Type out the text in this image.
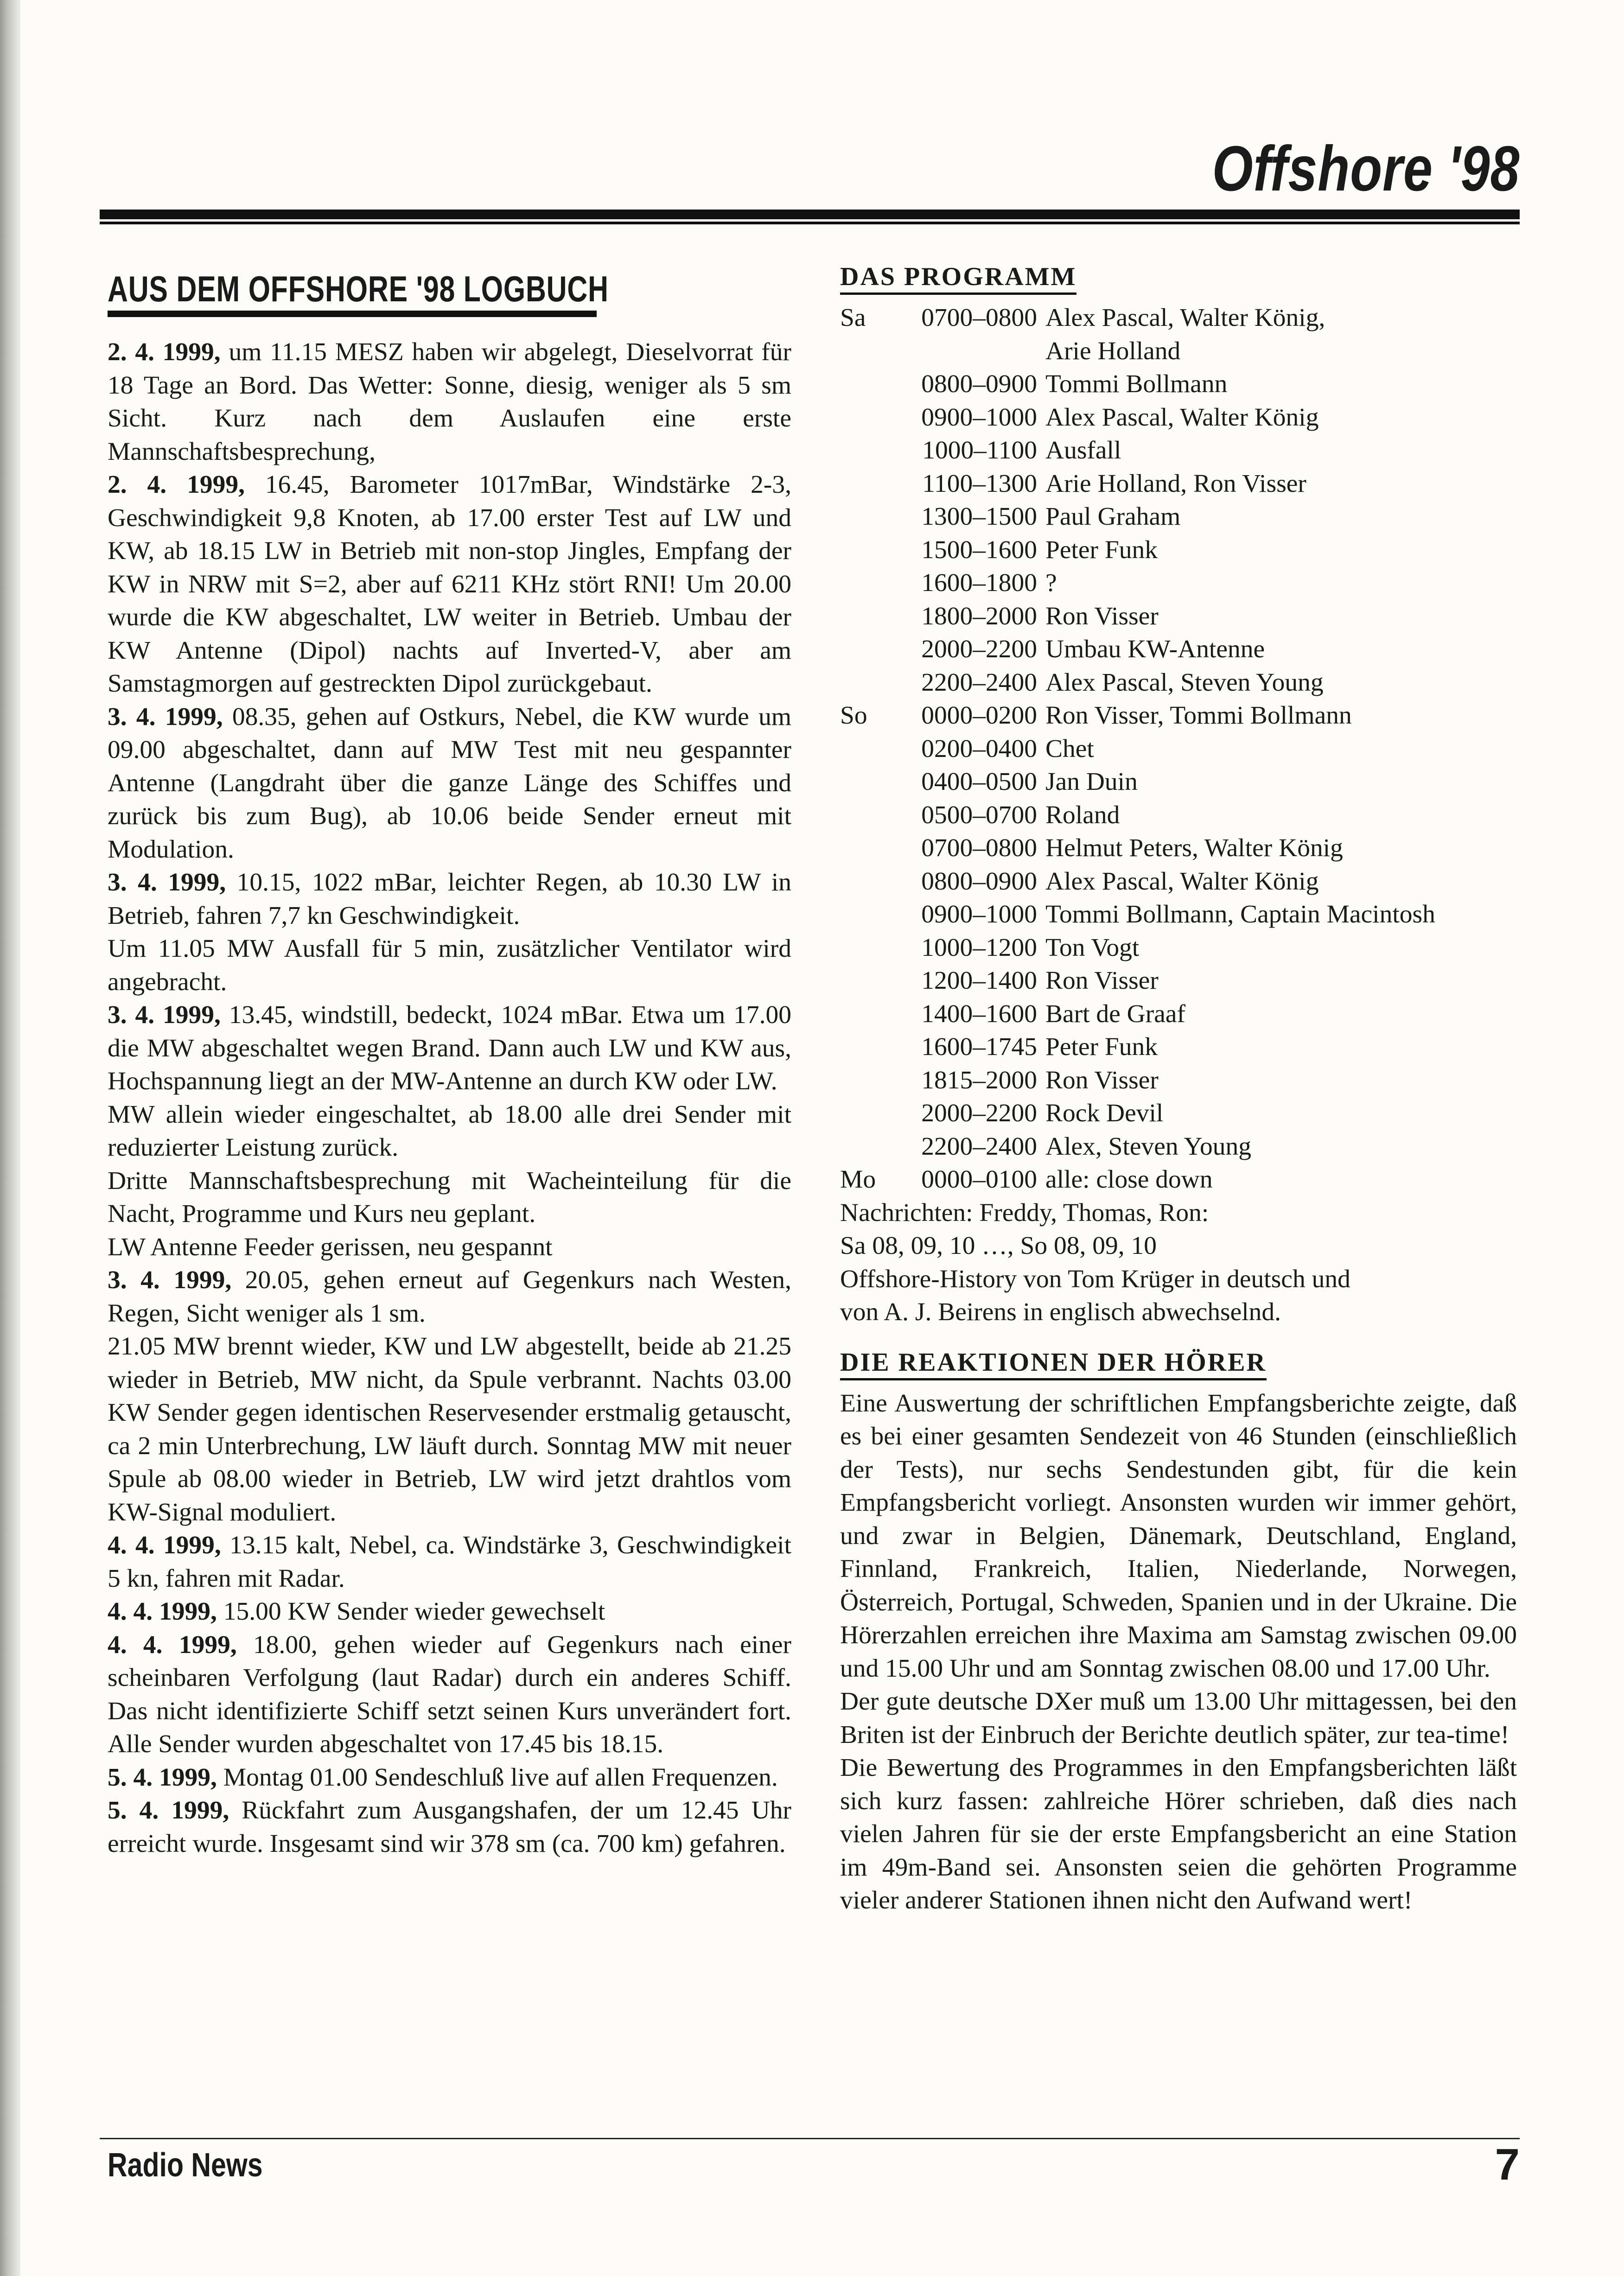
Offshore '98
AUS DEM OFFSHORE '98 LOGBUCH

2. 4. 1999, um 11.15 MESZ haben wir abgelegt, Dieselvorrat für 18 Tage an Bord. Das Wetter: Sonne, diesig, weniger als 5 sm Sicht. Kurz nach dem Auslaufen eine erste Mannschaftsbesprechung,

2. 4. 1999, 16.45, Barometer 1017mBar, Windstärke 2-3, Geschwindigkeit 9,8 Knoten, ab 17.00 erster Test auf LW und KW, ab 18.15 LW in Betrieb mit non-stop Jingles, Empfang der KW in NRW mit S=2, aber auf 6211 KHz stört RNI! Um 20.00 wurde die KW abgeschaltet, LW weiter in Betrieb. Umbau der KW Antenne (Dipol) nachts auf Inverted-V, aber am Samstagmorgen auf gestreckten Dipol zurückgebaut.

3. 4. 1999, 08.35, gehen auf Ostkurs, Nebel, die KW wurde um 09.00 abgeschaltet, dann auf MW Test mit neu gespannter Antenne (Langdraht über die ganze Länge des Schiffes und zurück bis zum Bug), ab 10.06 beide Sender erneut mit Modulation.

3. 4. 1999, 10.15, 1022 mBar, leichter Regen, ab 10.30 LW in Betrieb, fahren 7,7 kn Geschwindigkeit.

Um 11.05 MW Ausfall für 5 min, zusätzlicher Ventilator wird angebracht.

3. 4. 1999, 13.45, windstill, bedeckt, 1024 mBar. Etwa um 17.00 die MW abgeschaltet wegen Brand. Dann auch LW und KW aus, Hochspannung liegt an der MW-Antenne an durch KW oder LW.

MW allein wieder eingeschaltet, ab 18.00 alle drei Sender mit reduzierter Leistung zurück.

Dritte Mannschaftsbesprechung mit Wacheinteilung für die Nacht, Programme und Kurs neu geplant.

LW Antenne Feeder gerissen, neu gespannt

3. 4. 1999, 20.05, gehen erneut auf Gegenkurs nach Westen, Regen, Sicht weniger als 1 sm.

21.05 MW brennt wieder, KW und LW abgestellt, beide ab 21.25 wieder in Betrieb, MW nicht, da Spule verbrannt. Nachts 03.00 KW Sender gegen identischen Reservesender erstmalig getauscht, ca 2 min Unterbrechung, LW läuft durch. Sonntag MW mit neuer Spule ab 08.00 wieder in Betrieb, LW wird jetzt drahtlos vom KW-Signal moduliert.

4. 4. 1999, 13.15 kalt, Nebel, ca. Windstärke 3, Geschwindigkeit 5 kn, fahren mit Radar.

4. 4. 1999, 15.00 KW Sender wieder gewechselt

4. 4. 1999, 18.00, gehen wieder auf Gegenkurs nach einer scheinbaren Verfolgung (laut Radar) durch ein anderes Schiff. Das nicht identifizierte Schiff setzt seinen Kurs unverändert fort. Alle Sender wurden abgeschaltet von 17.45 bis 18.15.

5. 4. 1999, Montag 01.00 Sendeschluß live auf allen Frequenzen.

5. 4. 1999, Rückfahrt zum Ausgangshafen, der um 12.45 Uhr erreicht wurde. Insgesamt sind wir 378 sm (ca. 700 km) gefahren.

DAS PROGRAMM
Sa	0700–0800	Alex Pascal, Walter König,
		Arie Holland
	0800–0900	Tommi Bollmann
	0900–1000	Alex Pascal, Walter König
	1000–1100	Ausfall
	1100–1300	Arie Holland, Ron Visser
	1300–1500	Paul Graham
	1500–1600	Peter Funk
	1600–1800	?
	1800–2000	Ron Visser
	2000–2200	Umbau KW-Antenne
	2200–2400	Alex Pascal, Steven Young
So	0000–0200	Ron Visser, Tommi Bollmann
	0200–0400	Chet
	0400–0500	Jan Duin
	0500–0700	Roland
	0700–0800	Helmut Peters, Walter König
	0800–0900	Alex Pascal, Walter König
	0900–1000	Tommi Bollmann, Captain Macintosh
	1000–1200	Ton Vogt
	1200–1400	Ron Visser
	1400–1600	Bart de Graaf
	1600–1745	Peter Funk
	1815–2000	Ron Visser
	2000–2200	Rock Devil
	2200–2400	Alex, Steven Young
Mo	0000–0100	alle: close down
Nachrichten: Freddy, Thomas, Ron:
Sa 08, 09, 10 …, So 08, 09, 10
Offshore-History von Tom Krüger in deutsch und
von A. J. Beirens in englisch abwechselnd.
DIE REAKTIONEN DER HÖRER

Eine Auswertung der schriftlichen Empfangsberichte zeigte, daß es bei einer gesamten Sendezeit von 46 Stunden (einschließlich der Tests), nur sechs Sendestunden gibt, für die kein Empfangsbericht vorliegt. Ansonsten wurden wir immer gehört, und zwar in Belgien, Dänemark, Deutschland, England, Finnland, Frankreich, Italien, Niederlande, Norwegen, Österreich, Portugal, Schweden, Spanien und in der Ukraine. Die Hörerzahlen erreichen ihre Maxima am Samstag zwischen 09.00 und 15.00 Uhr und am Sonntag zwischen 08.00 und 17.00 Uhr.

Der gute deutsche DXer muß um 13.00 Uhr mittagessen, bei den Briten ist der Einbruch der Berichte deutlich später, zur tea-time!

Die Bewertung des Programmes in den Empfangsberichten läßt sich kurz fassen: zahlreiche Hörer schrieben, daß dies nach vielen Jahren für sie der erste Empfangsbericht an eine Station im 49m-Band sei. Ansonsten seien die gehörten Programme vieler anderer Stationen ihnen nicht den Aufwand wert!

Radio News	7
